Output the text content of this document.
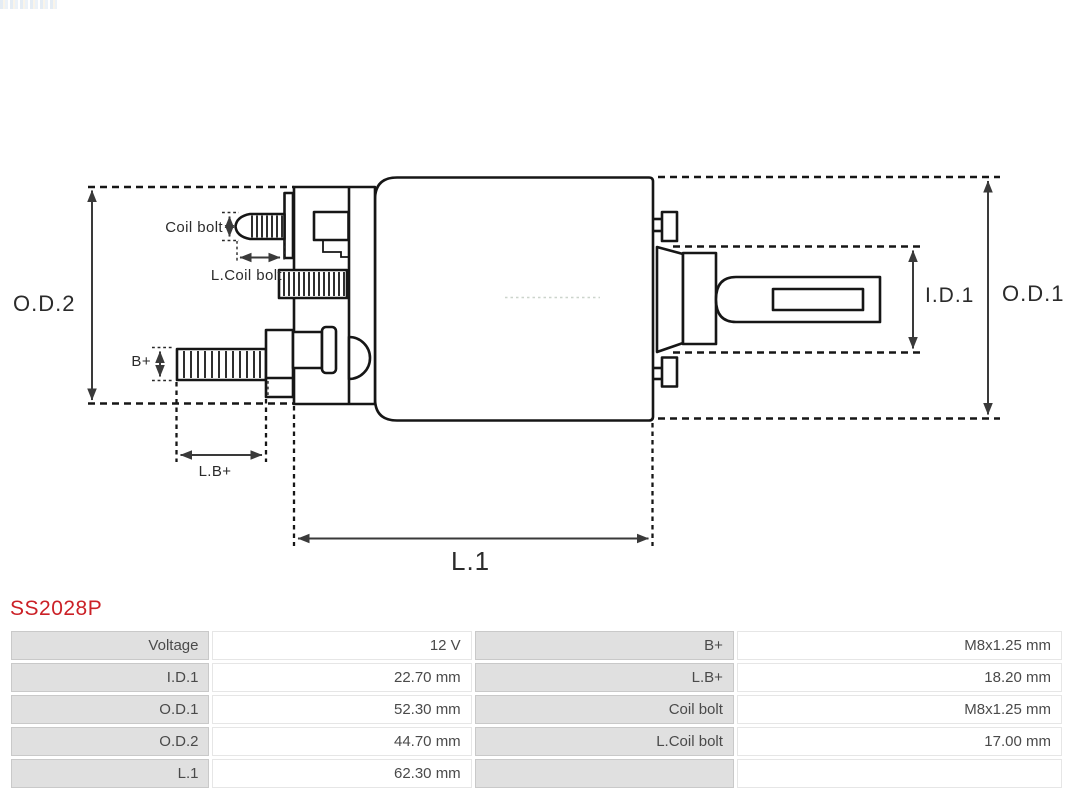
O.D.2	O.D.1
I.D.1
L.1
Coil bolt
L.Coil bolt
B+
L.B+
SS2028P
Voltage	12 V	B+	M8x1.25 mm
I.D.1	22.70 mm	L.B+	18.20 mm
O.D.1	52.30 mm	Coil bolt	M8x1.25 mm
O.D.2	44.70 mm	L.Coil bolt	17.00 mm
L.1	62.30 mm		
